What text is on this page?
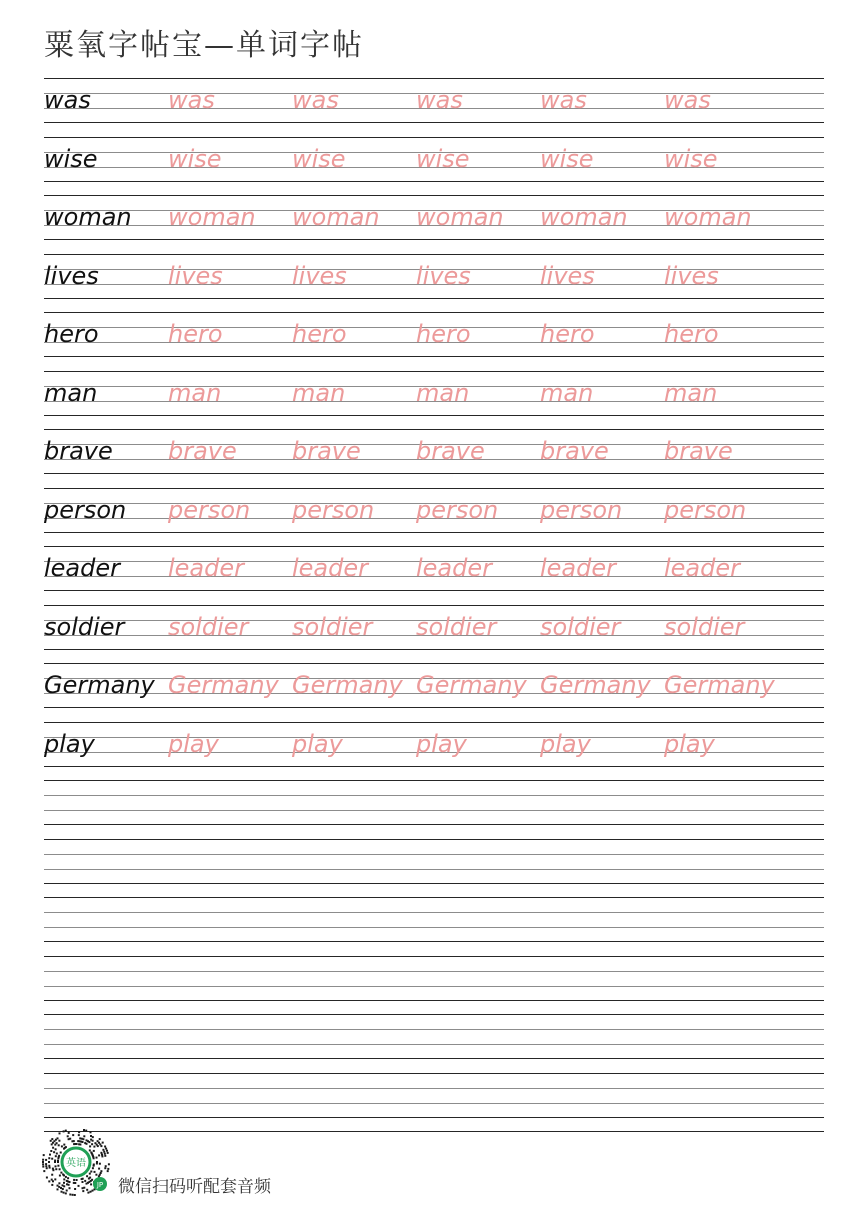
粟氧字帖宝—单词字帖
was	was	was	was	was	was
wise	wise	wise	wise	wise	wise
woman	woman	woman	woman	woman	woman
lives	lives	lives	lives	lives	lives
hero	hero	hero	hero	hero	hero
man	man	man	man	man	man
brave	brave	brave	brave	brave	brave
person	person	person	person	person	person
leader	leader	leader	leader	leader	leader
soldier	soldier	soldier	soldier	soldier	soldier
Germany Germany Germany Germany Germany Germany
play	play	play	play	play	play
英语
JP 微信扫码听配套音频
